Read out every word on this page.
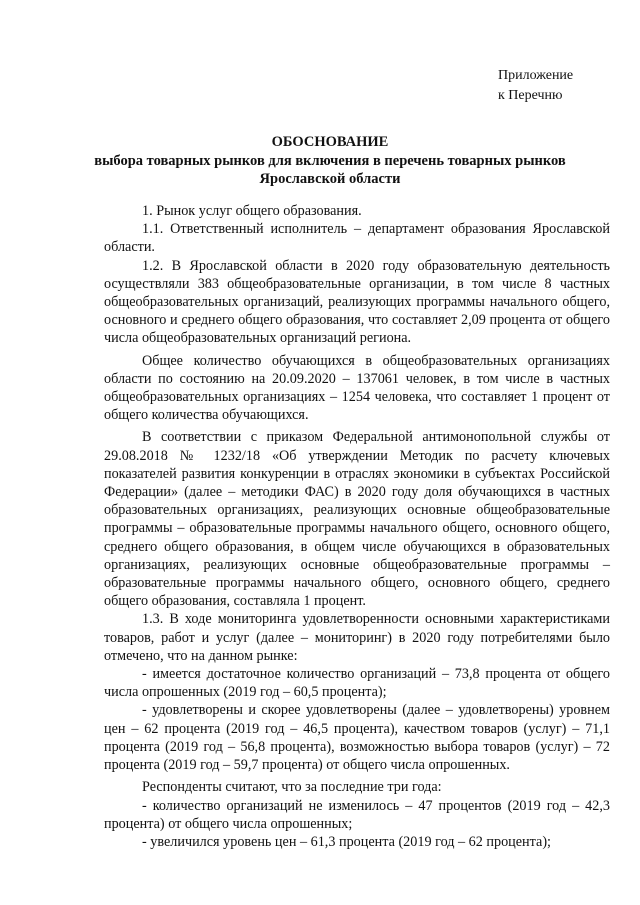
Приложение
к Перечню
ОБОСНОВАНИЕ
выбора товарных рынков для включения в перечень товарных рынков
Ярославской области

1. Рынок услуг общего образования.

1.1. Ответственный исполнитель – департамент образования Ярославской области.

1.2. В Ярославской области в 2020 году образовательную деятельность осуществляли 383 общеобразовательные организации, в том числе 8 частных общеобразовательных организаций, реализующих программы начального общего, основного и среднего общего образования, что составляет 2,09 процента от общего числа общеобразовательных организаций региона.

Общее количество обучающихся в общеобразовательных организациях области по состоянию на 20.09.2020 – 137061 человек, в том числе в частных общеобразовательных организациях – 1254 человека, что составляет 1 процент от общего количества обучающихся.

В соответствии с приказом Федеральной антимонопольной службы от 29.08.2018 № 1232/18 «Об утверждении Методик по расчету ключевых показателей развития конкуренции в отраслях экономики в субъектах Российской Федерации» (далее – методики ФАС) в 2020 году доля обучающихся в частных образовательных организациях, реализующих основные общеобразовательные программы – образовательные программы начального общего, основного общего, среднего общего образования, в общем числе обучающихся в образовательных организациях, реализующих основные общеобразовательные программы – образовательные программы начального общего, основного общего, среднего общего образования, составляла 1 процент.

1.3. В ходе мониторинга удовлетворенности основными характеристиками товаров, работ и услуг (далее – мониторинг) в 2020 году потребителями было отмечено, что на данном рынке:

- имеется достаточное количество организаций – 73,8 процента от общего числа опрошенных (2019 год – 60,5 процента);

- удовлетворены и скорее удовлетворены (далее – удовлетворены) уровнем цен – 62 процента (2019 год – 46,5 процента), качеством товаров (услуг) – 71,1 процента (2019 год – 56,8 процента), возможностью выбора товаров (услуг) – 72 процента (2019 год – 59,7 процента) от общего числа опрошенных.

Респонденты считают, что за последние три года:

- количество организаций не изменилось – 47 процентов (2019 год – 42,3 процента) от общего числа опрошенных;

- увеличился уровень цен – 61,3 процента (2019 год – 62 процента);
